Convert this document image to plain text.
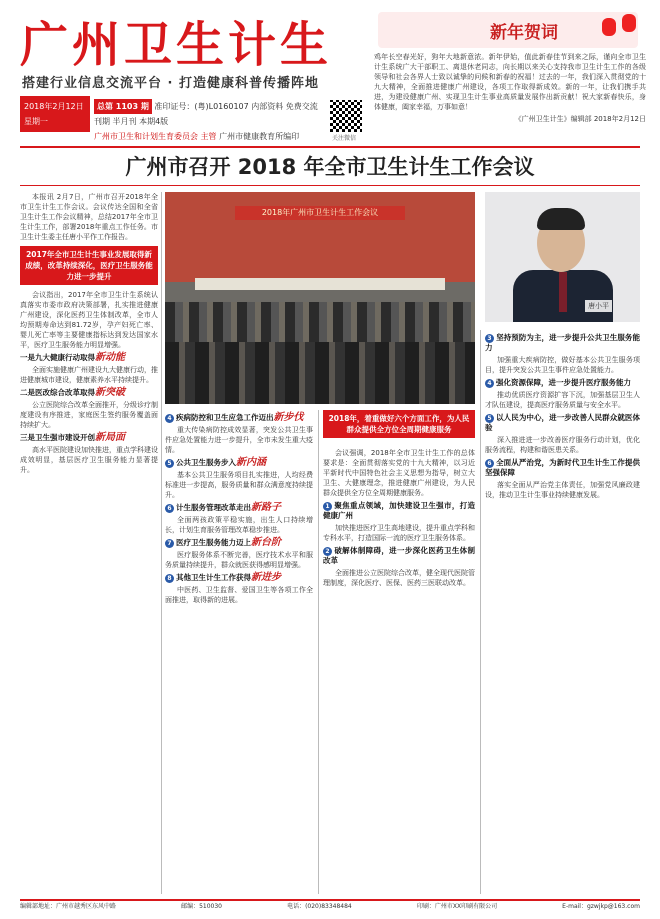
广州卫生计生
搭建行业信息交流平台 · 打造健康科普传播阵地
2018年2月12日 星期一
第 3 期
总第 1103 期 准印证号：(粤)L0160107 内部资料 免费交流 刊期 半月刊 本期4版
广州市卫生和计划生育委员会 主管 广州市健康教育所编印	关注微信
新年贺词
鸡年长空春光好，狗年大地新意浓。新年伊始，值此新春佳节到来之际，谨向全市卫生计生系统广大干部职工、离退休老同志，向长期以来关心支持我市卫生计生工作的各级领导和社会各界人士致以诚挚的问候和新春的祝福！过去的一年，我们深入贯彻党的十九大精神，全面推进健康广州建设，各项工作取得新成效。新的一年，让我们携手共进，为建设健康广州、实现卫生计生事业高质量发展作出新贡献！祝大家新春快乐，身体健康，阖家幸福，万事如意！
《广州卫生计生》编辑部 2018年2月12日
广州市召开 2018 年全市卫生计生工作会议

本报讯 2月7日，广州市召开2018年全市卫生计生工作会议。会议传达全国和全省卫生计生工作会议精神，总结2017年全市卫生计生工作，部署2018年重点工作任务。市卫生计生委主任唐小平作工作报告。

2017年全市卫生计生事业发展取得新成绩，改革持续深化，医疗卫生服务能力进一步提升

会议指出，2017年全市卫生计生系统认真落实市委市政府决策部署，扎实推进健康广州建设，深化医药卫生体制改革，全市人均预期寿命达到81.72岁，孕产妇死亡率、婴儿死亡率等主要健康指标达到发达国家水平，医疗卫生服务能力明显增强。

一是九大健康行动取得新动能

全面实施健康广州建设九大健康行动，推进健康城市建设，健康素养水平持续提升。

二是医改综合改革取得新突破

公立医院综合改革全面推开，分级诊疗制度建设有序推进，家庭医生签约服务覆盖面持续扩大。

三是卫生强市建设开创新局面

高水平医院建设加快推进，重点学科建设成效明显，基层医疗卫生服务能力显著提升。

2018年广州市卫生计生工作会议
唐小平
4 疾病防控和卫生应急工作迈出新步伐

重大传染病防控成效显著，突发公共卫生事件应急处置能力进一步提升，全市未发生重大疫情。

5 公共卫生服务步入新内涵

基本公共卫生服务项目扎实推进，人均经费标准进一步提高，服务质量和群众满意度持续提升。

6 计生服务管理改革走出新路子

全面两孩政策平稳实施，出生人口持续增长，计划生育服务管理改革稳步推进。

7 医疗卫生服务能力迈上新台阶

医疗服务体系不断完善，医疗技术水平和服务质量持续提升，群众就医获得感明显增强。

8 其他卫生计生工作获得新进步

中医药、卫生监督、爱国卫生等各项工作全面推进，取得新的进展。

2018年，着重做好六个方面工作，为人民群众提供全方位全周期健康服务

会议强调，2018年全市卫生计生工作的总体要求是：全面贯彻落实党的十九大精神，以习近平新时代中国特色社会主义思想为指导，树立大卫生、大健康理念，推进健康广州建设，为人民群众提供全方位全周期健康服务。

1 聚焦重点领域，加快建设卫生强市，打造健康广州

加快推进医疗卫生高地建设，提升重点学科和专科水平，打造国际一流的医疗卫生服务体系。

2 破解体制障碍，进一步深化医药卫生体制改革

全面推进公立医院综合改革，健全现代医院管理制度，深化医疗、医保、医药三医联动改革。

3 坚持预防为主，进一步提升公共卫生服务能力

加强重大疾病防控，做好基本公共卫生服务项目，提升突发公共卫生事件应急处置能力。

4 强化资源保障，进一步提升医疗服务能力

推动优质医疗资源扩容下沉，加强基层卫生人才队伍建设，提高医疗服务质量与安全水平。

5 以人民为中心，进一步改善人民群众就医体验

深入推进进一步改善医疗服务行动计划，优化服务流程，构建和谐医患关系。

6 全面从严治党，为新时代卫生计生工作提供坚强保障

落实全面从严治党主体责任，加强党风廉政建设，推动卫生计生事业持续健康发展。

编辑部地址：广州市越秀区东风中路	邮编：510030	电话：(020)83348484	印刷：广州市XX印刷有限公司	E-mail：gzwjkp@163.com
